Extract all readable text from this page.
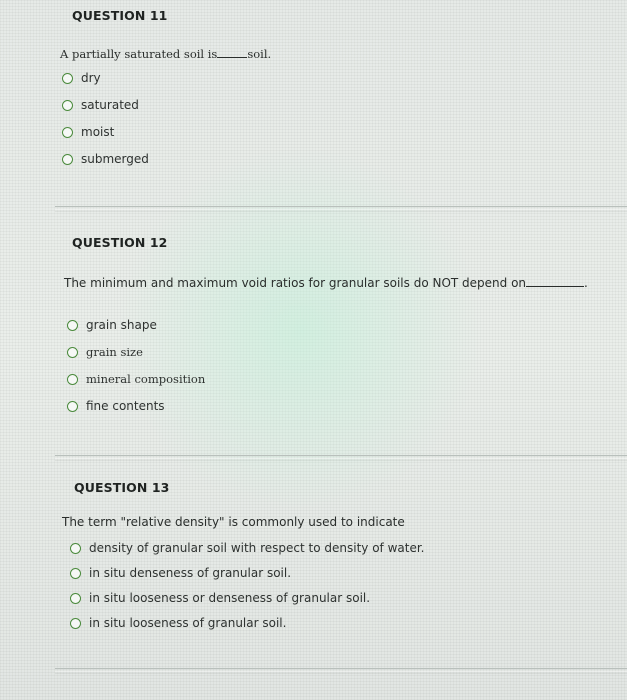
QUESTION 11
A partially saturated soil is	soil.
dry
saturated
moist
submerged
QUESTION 12
The minimum and maximum void ratios for granular soils do NOT depend on	.
grain shape
grain size
mineral composition
fine contents
QUESTION 13
The term "relative density" is commonly used to indicate
density of granular soil with respect to density of water.
in situ denseness of granular soil.
in situ looseness or denseness of granular soil.
in situ looseness of granular soil.
